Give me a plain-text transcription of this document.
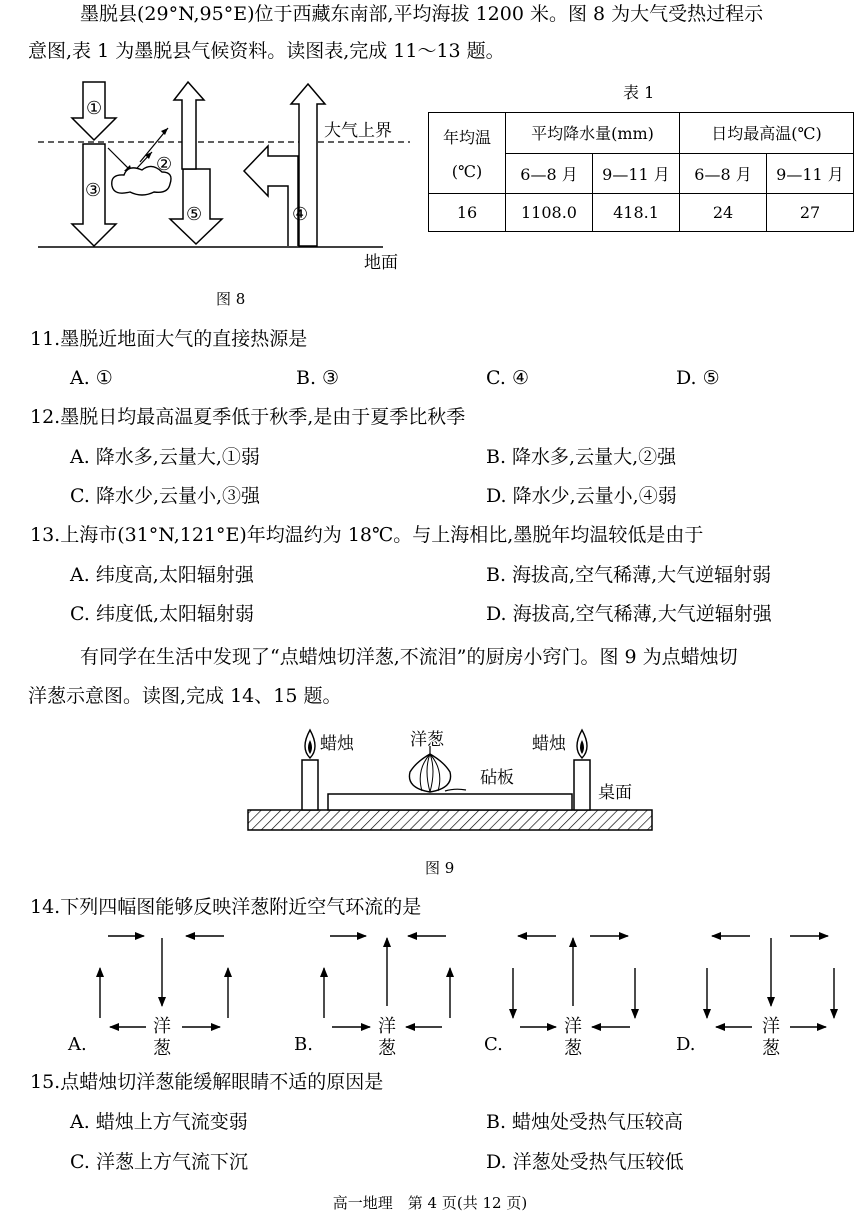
墨脱县(29°N,95°E)位于西藏东南部,平均海拔 1200 米。图 8 为大气受热过程示
意图,表 1 为墨脱县气候资料。读图表,完成 11～13 题。
①
②
③
④
⑤
大气上界
地面
图 8
表 1
年均温
(℃)	平均降水量(mm)		日均最高温(℃)	
	6—8 月	9—11 月	6—8 月	9—11 月
16	1108.0	418.1	24	27
11.墨脱近地面大气的直接热源是
A. ①	B. ③	C. ④	D. ⑤
12.墨脱日均最高温夏季低于秋季,是由于夏季比秋季
A. 降水多,云量大,①弱	B. 降水多,云量大,②强
C. 降水少,云量小,③强	D. 降水少,云量小,④弱
13.上海市(31°N,121°E)年均温约为 18℃。与上海相比,墨脱年均温较低是由于
A. 纬度高,太阳辐射强	B. 海拔高,空气稀薄,大气逆辐射弱
C. 纬度低,太阳辐射弱	D. 海拔高,空气稀薄,大气逆辐射强
有同学在生活中发现了“点蜡烛切洋葱,不流泪”的厨房小窍门。图 9 为点蜡烛切
洋葱示意图。读图,完成 14、15 题。
蜡烛	洋葱	蜡烛
砧板
桌面
图 9
14.下列四幅图能够反映洋葱附近空气环流的是
A.
洋
葱	B.
洋
葱	C.
洋
葱	D.
洋
葱
15.点蜡烛切洋葱能缓解眼睛不适的原因是
A. 蜡烛上方气流变弱	B. 蜡烛处受热气压较高
C. 洋葱上方气流下沉	D. 洋葱处受热气压较低
高一地理　第 4 页(共 12 页)
